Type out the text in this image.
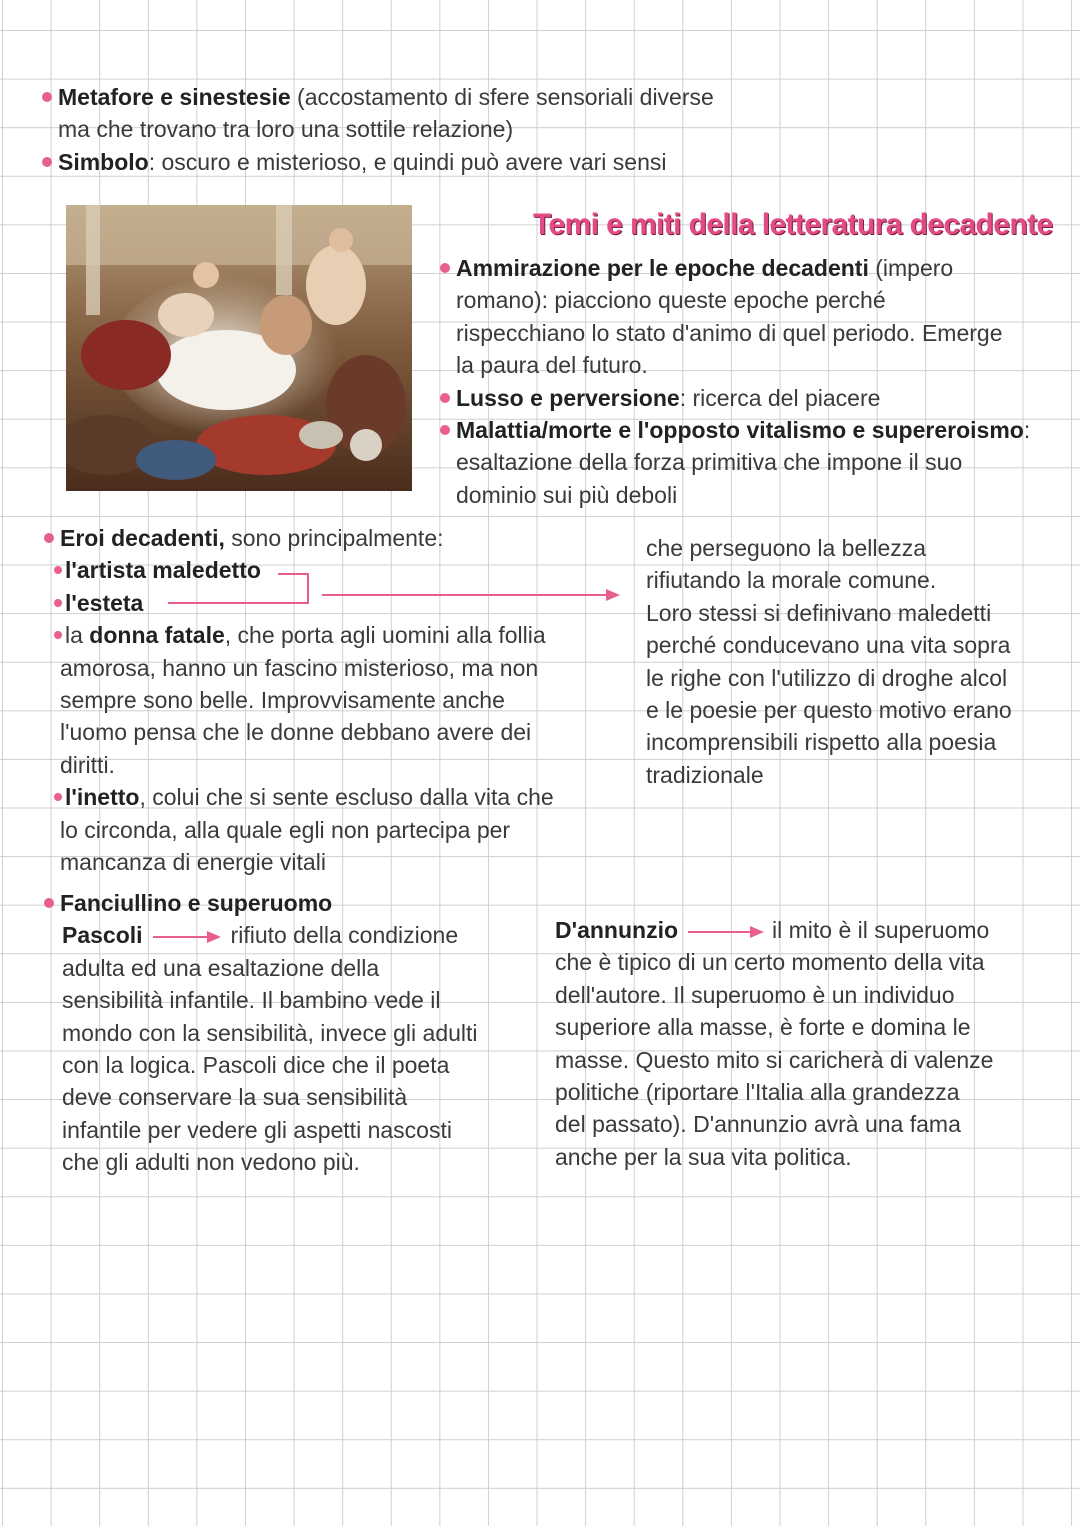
Metafore e sinestesie (accostamento di sfere sensoriali diverse
ma che trovano tra loro una sottile relazione)
Simbolo: oscuro e misterioso, e quindi può avere vari sensi
Temi e miti della letteratura decadente
Ammirazione per le epoche decadenti (impero
romano): piacciono queste epoche perché
rispecchiano lo stato d'animo di quel periodo. Emerge
la paura del futuro.
Lusso e perversione: ricerca del piacere
Malattia/morte e l'opposto vitalismo e supereroismo:
esaltazione della forza primitiva che impone il suo
dominio sui più deboli
Eroi decadenti, sono principalmente:
l'artista maledetto
l'esteta
la donna fatale, che porta agli uomini alla follia
amorosa, hanno un fascino misterioso, ma non
sempre sono belle. Improvvisamente anche
l'uomo pensa che le donne debbano avere dei
diritti.
l'inetto, colui che si sente escluso dalla vita che
lo circonda, alla quale egli non partecipa per
mancanza di energie vitali
che perseguono la bellezza
rifiutando la morale comune.
Loro stessi si definivano maledetti
perché conducevano una vita sopra
le righe con l'utilizzo di droghe alcol
e le poesie per questo motivo erano
incomprensibili rispetto alla poesia
tradizionale
Fanciullino e superuomo
Pascoli	rifiuto della condizione
adulta ed una esaltazione della
sensibilità infantile. Il bambino vede il
mondo con la sensibilità, invece gli adulti
con la logica. Pascoli dice che il poeta
deve conservare la sua sensibilità
infantile per vedere gli aspetti nascosti
che gli adulti non vedono più.
D'annunzio	il mito è il superuomo
che è tipico di un certo momento della vita
dell'autore. Il superuomo è un individuo
superiore alla masse, è forte e domina le
masse. Questo mito si caricherà di valenze
politiche (riportare l'Italia alla grandezza
del passato). D'annunzio avrà una fama
anche per la sua vita politica.
